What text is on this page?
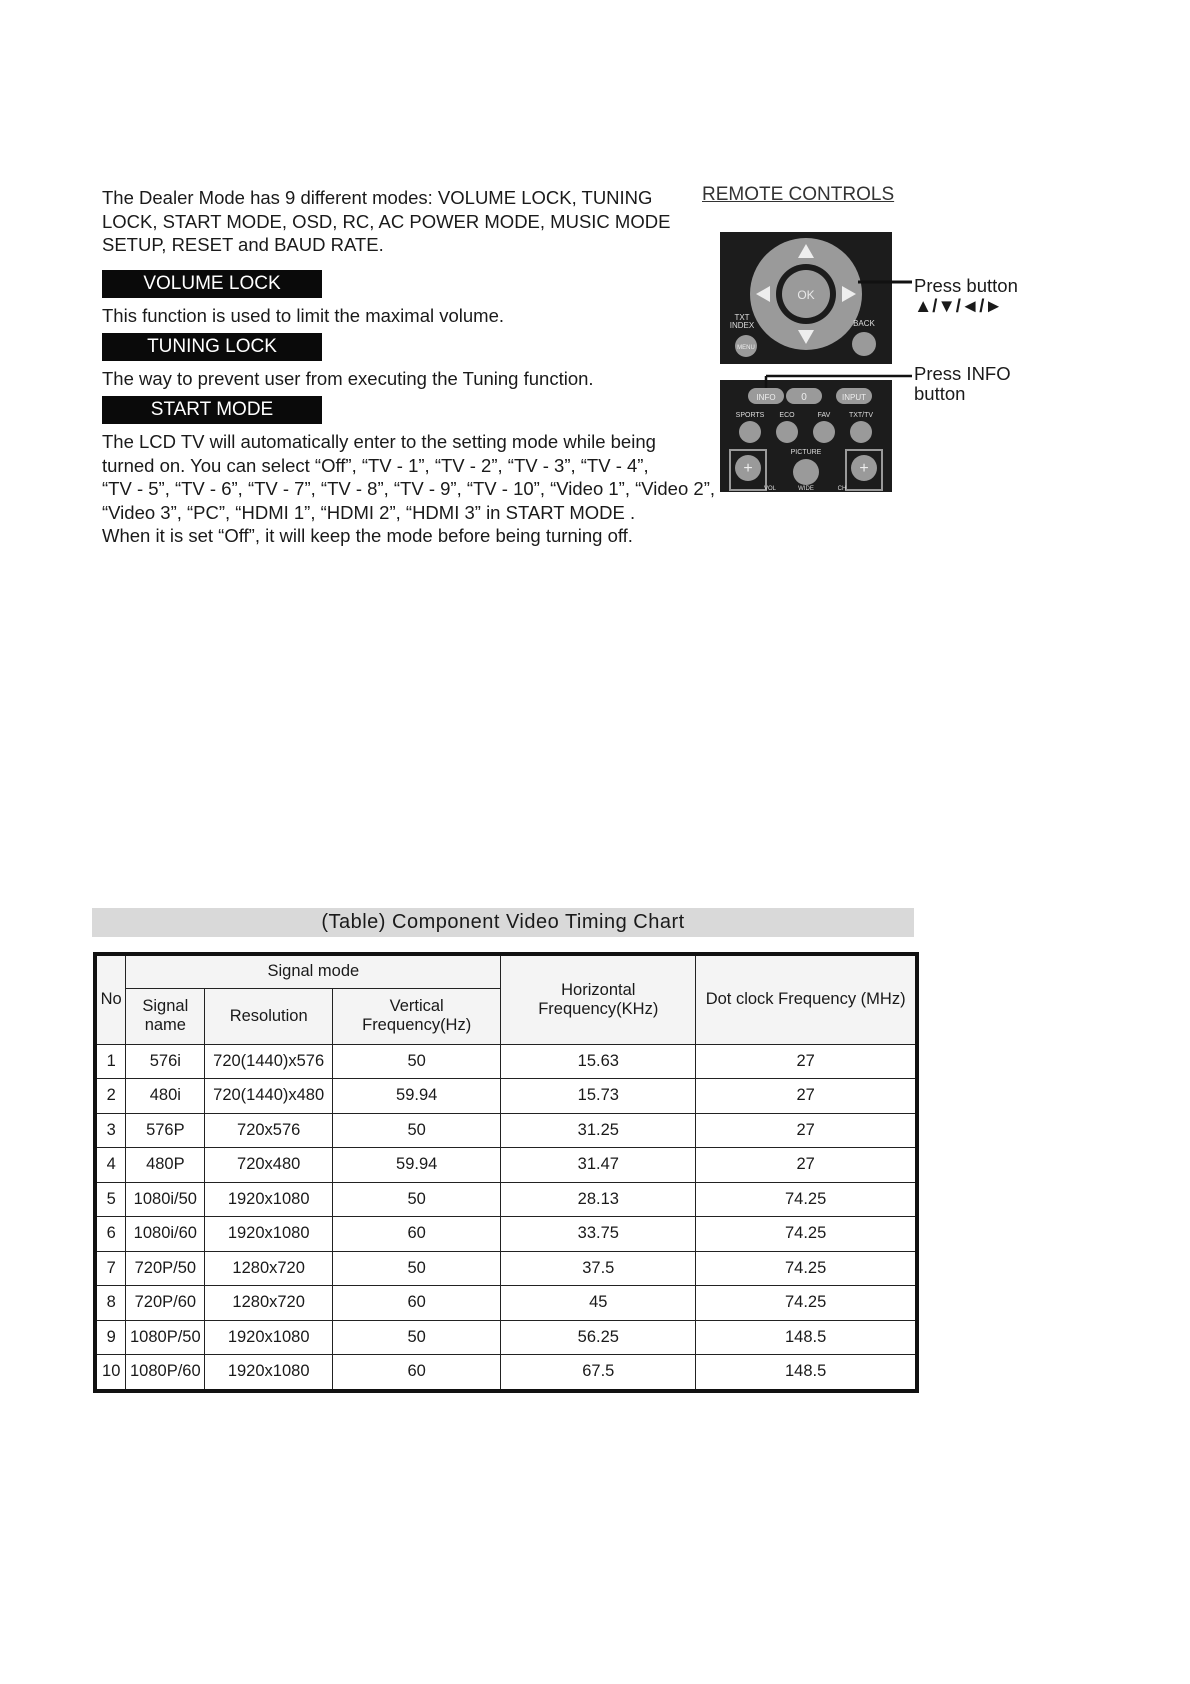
The Dealer Mode has 9 different modes: VOLUME LOCK, TUNING LOCK, START MODE, OSD, RC, AC POWER MODE, MUSIC MODE SETUP, RESET and BAUD RATE.
VOLUME LOCK
This function is used to limit the maximal volume.
TUNING LOCK
The way to prevent user from executing the Tuning function.
START MODE
The LCD TV will automatically enter to the setting mode while being
turned on. You can select “Off”, “TV - 1”, “TV - 2”, “TV - 3”, “TV - 4”,
“TV - 5”, “TV - 6”, “TV - 7”, “TV - 8”, “TV - 9”, “TV - 10”, “Video 1”, “Video 2”,
“Video 3”, “PC”, “HDMI 1”, “HDMI 2”, “HDMI 3” in START MODE .
When it is set “Off”, it will keep the mode before being turning off.
REMOTE CONTROLS
OK
TXT
INDEX
MENU
BACK
INFO	0	INPUT
SPORTS ECO	FAV	TXT/TV
PICTURE
+	+
VOL	WIDE	CH
Press button
▲/▼/◄/►
Press INFO
button
(Table) Component Video Timing Chart
No	Signal mode			Horizontal Frequency(KHz)	Dot clock Frequency (MHz)
	Signal name	Resolution	Vertical Frequency(Hz)		
1	576i	720(1440)x576	50	15.63	27
2	480i	720(1440)x480	59.94	15.73	27
3	576P	720x576	50	31.25	27
4	480P	720x480	59.94	31.47	27
5	1080i/50	1920x1080	50	28.13	74.25
6	1080i/60	1920x1080	60	33.75	74.25
7	720P/50	1280x720	50	37.5	74.25
8	720P/60	1280x720	60	45	74.25
9	1080P/50	1920x1080	50	56.25	148.5
10	1080P/60	1920x1080	60	67.5	148.5
